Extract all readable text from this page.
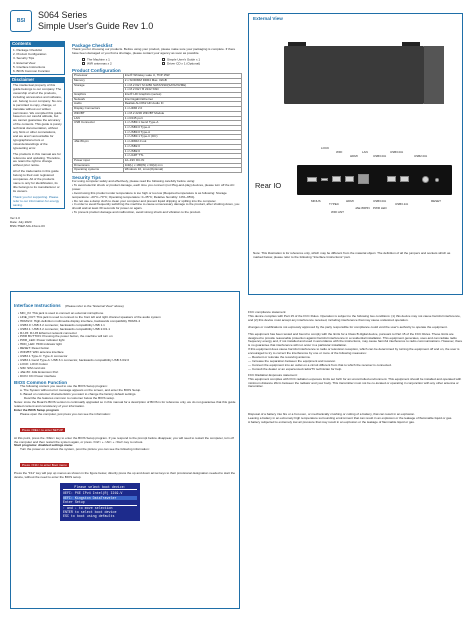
BSI
S064 Series
Simple User's Guide Rev 1.0
Contents
1. Package Checklist
2. Product Configuration
3. Security Tips
4. External View
5. Interface Instructions
6. BIOS Common Function
Disclaimer

The intellectual property of this guide belongs to our company. The ownership of all of the products, including accessories and software, etc. belong to our company. No one is permitted to copy, change, or translate without our written permission. We compiled this guide based on our careful attitude, but we cannot guarantee the accuracy of the contents. This guide is purely technical documentation, without any hints or other connotations, and we aren't accountable for typographical errors or misunderstandings of the typesetting error.

The products in this manual are for reference and updating. Therefore, we retain the right to change without prior notice.

All of the trademarks in this guide belong to their own registered companies. All of the products name is only for identification, its title belongs to its manufacturer or its owners.

Thank you for supporting. Please refer to our information for energy saving.

Ver:1.0
Date: July 2020
BSN-T5EP-MA-1Sxxx-03
Package Checklist

Thank you for choosing our products. Before using your product, please make sure your packaging is complete. If there have been damaged or you find a shortage, please contact your agency as soon as possible.

The Machine x 1	Simple User's Guide x 1
WiFi antennas x 2	Driver CD x 1 (Optional)
Product Configuration
Processor	Intel® Whiskey Lake U, TDP 15W
Memory	2 x SODIMM DDR4 Max. 32GB
Storage	1 x M.2 KEY M 2280 SATA/SSD(SATA/NVME)
	1 x M.2 KEY B 2242 SSD
Graphics	Intel® HD Graphics (series)
Network	Intel Gigabit Ethernet
Audio	Realtek ALC662 HD Audio IC
Display Connectors	1 x HDMI 2.0
WiFi/BT	1 x M.2 2230 WiFi/BT Module
LAN	1 x RJ45 port
USB Connector	1 x USB3.1 Gen2 Type-A
	1 x USB3.0 Type-A
	1 x USB3.0 Type-A
	1 x USB3.1 Type-C (DC)
JAE 80-pin	1 x HDMI2.0 out
	1 x USB2.0
	1 x USB2.0
	1 x UART TTL
Power input	12~19V DC-IN
Dimensions	119(L) x 180(W) x 30(H) mm
Operating systems	Windows 10, Linux(Optional)
Security Tips

For using computer safely and effectively, please read the following carefully before using:

• To avoid electric shock or product damage, each time you connect (not Plug-and-play) devices, please turn off the AC power.

• Avoid using this product under temperature is too high or too low (Required temperature is as following: Storage temperature: -20°C~70°C; Operating temperature: 0~35°C; Relative humidity: 10%~95%).

• Do not use a damp cloth to clean your computer and prevent liquid dripping or spilling into the computer.

• In order to avoid frequently switching the machine to cause unnecessary damage to the product, after shutting down, you should wait at least 30 seconds for power on again.

• To prevent product damage and malfunction, avoid strong shock and vibration to the product.

External View
Rear IO
LOCK
WIFI
HDMI
LAN
USB3.0/A
USB3.0/A
USB2.0/A
MINUS
TYPEC
HDMI
JAE 80PIN
USB3.0/A
USB3.1/A
RESET
WIFI ANT
PWR LED

Note: This illustration is for reference only, which may be different from the material object. The definition of all the jumpers and sockets which as marked below, please refer to the following "Interface Instructions" part.

Interface Instructions (Please refer to the "External View" above)
• MIC_IN: This jack is used to connect an external microphone
• LINE_OUT: This jack is used to connect to the front left and right channel speakers of the audio system
• HDMI2.0: High-definition multimedia display interface, backwards compatibility HDMI1.4
• USB3.0: USB 3.2 connector, backwards compatibility USB 1.1
• USB3.1: USB 3.2 connector, backwards compatibility USB 2.0/1.1
• RJ-45: RJ-45 Ethernet network connector
• PWR BUTTON: Pressing the power button, the machine will turn on
• PWR_LED: Power indicator light
• HDD_LED: HDD indicator light
• RESET: Reset button
• WIFI/BT: WiFi antenna interface
• USB3.1 Type-C: Type-C connector
• USB3.1 Gen2 Type-A: USB 3.1 connector, backwards compatibility USB 3.0/2.0
• LOCK: LOCK button
• SIM: SIM card slot
• JAE 80: JAE Extension Port
• DCIN: DC Power interface
BIOS Common Function

The following content you need to use the BIOS Setup program:

a. The System without error message appears on the screen, and enter the BIOS Setup.

b. Based on customer characteristics you want to change the factory default settings.

Describe the features common to customer below the BIOS setup.

Notes: since the Board's BIOS version is continually upgraded so in this manual for a description of BIOS is for reference only, we do not guarantee that this guide related content and consistency of your information.

Enter the BIOS Setup program

Please open the computer, just press you can see the information:

Press <DEL> to enter SETUP

At this point, press the <DEL> key to enter the BIOS Setup program. If you respond to the prompt before disappear, you will need to restart the computer, turn off the computer and then restart the system again, or press <Ctrl> + <Alt> + <Del> key to reboot.

Start programs: disabled settings menu

Turn the power on or reboot the system, post the picture you can see the following information:

Press <F11> to enter Boot menu

Press the "F11" key will pop up menus as shown in the figure below, directly press the up and down arrow keys to their provisional designation needed to start the device, without the need to enter the BIOS setup.

Please select boot device:
UEFI: PXE IPv4 Intel(R) I219-V
UEFI: Kingston DataTraveler
Enter Setup
↑ and ↓ to move selection
ENTER to select boot device
ESC to boot using defaults

FCC compliance statement:

This device complies with Part 15 of the FCC Rules. Operation is subject to the following two conditions: (1) this device may not cause harmful interference, and (2) this device must accept any interference received, including interference that may cause undesired operation.

changes or modifications not expressly approved by the party responsible for compliance could void the user's authority to operate the equipment.

This equipment has been tested and found to comply with the limits for a Class B digital device, pursuant to Part 15 of the FCC Rules. These limits are designed to provide reasonable protection against harmful interference in a residential installation. This equipment generates, uses and can radiate radio frequency energy and, if not installed and used in accordance with the instructions, may cause harmful interference to radio communications. However, there is no guarantee that interference will not occur in a particular installation.

If this equipment does cause harmful interference to radio or television reception, which can be determined by turning the equipment off and on, the user is encouraged to try to correct the interference by one or more of the following measures:

— Reorient or relocate the receiving antenna.

— Increase the separation between the equipment and receiver.

— Connect the equipment into an outlet on a circuit different from that to which the receiver is connected.

— Consult the dealer or an experienced radio/TV technician for help.

FCC Radiation Exposure statement:

This equipment complies with FCC radiation exposure limits set forth for an uncontrolled environment. This equipment should be installed and operated with minimum distance 20cm between the radiator and your body. This transmitter must not be co-located or operating in conjunction with any other antenna or transmitter.

Disposal of a battery into fire or a hot oven, or mechanically crushing or cutting of a battery, that can result in an explosion.

Leaving a battery in an extremely high temperature surrounding environment that can result in an explosion or the leakage of flammable liquid or gas.

A battery subjected to extremely low air pressure that may result in an explosion or the leakage of flammable liquid or gas.
